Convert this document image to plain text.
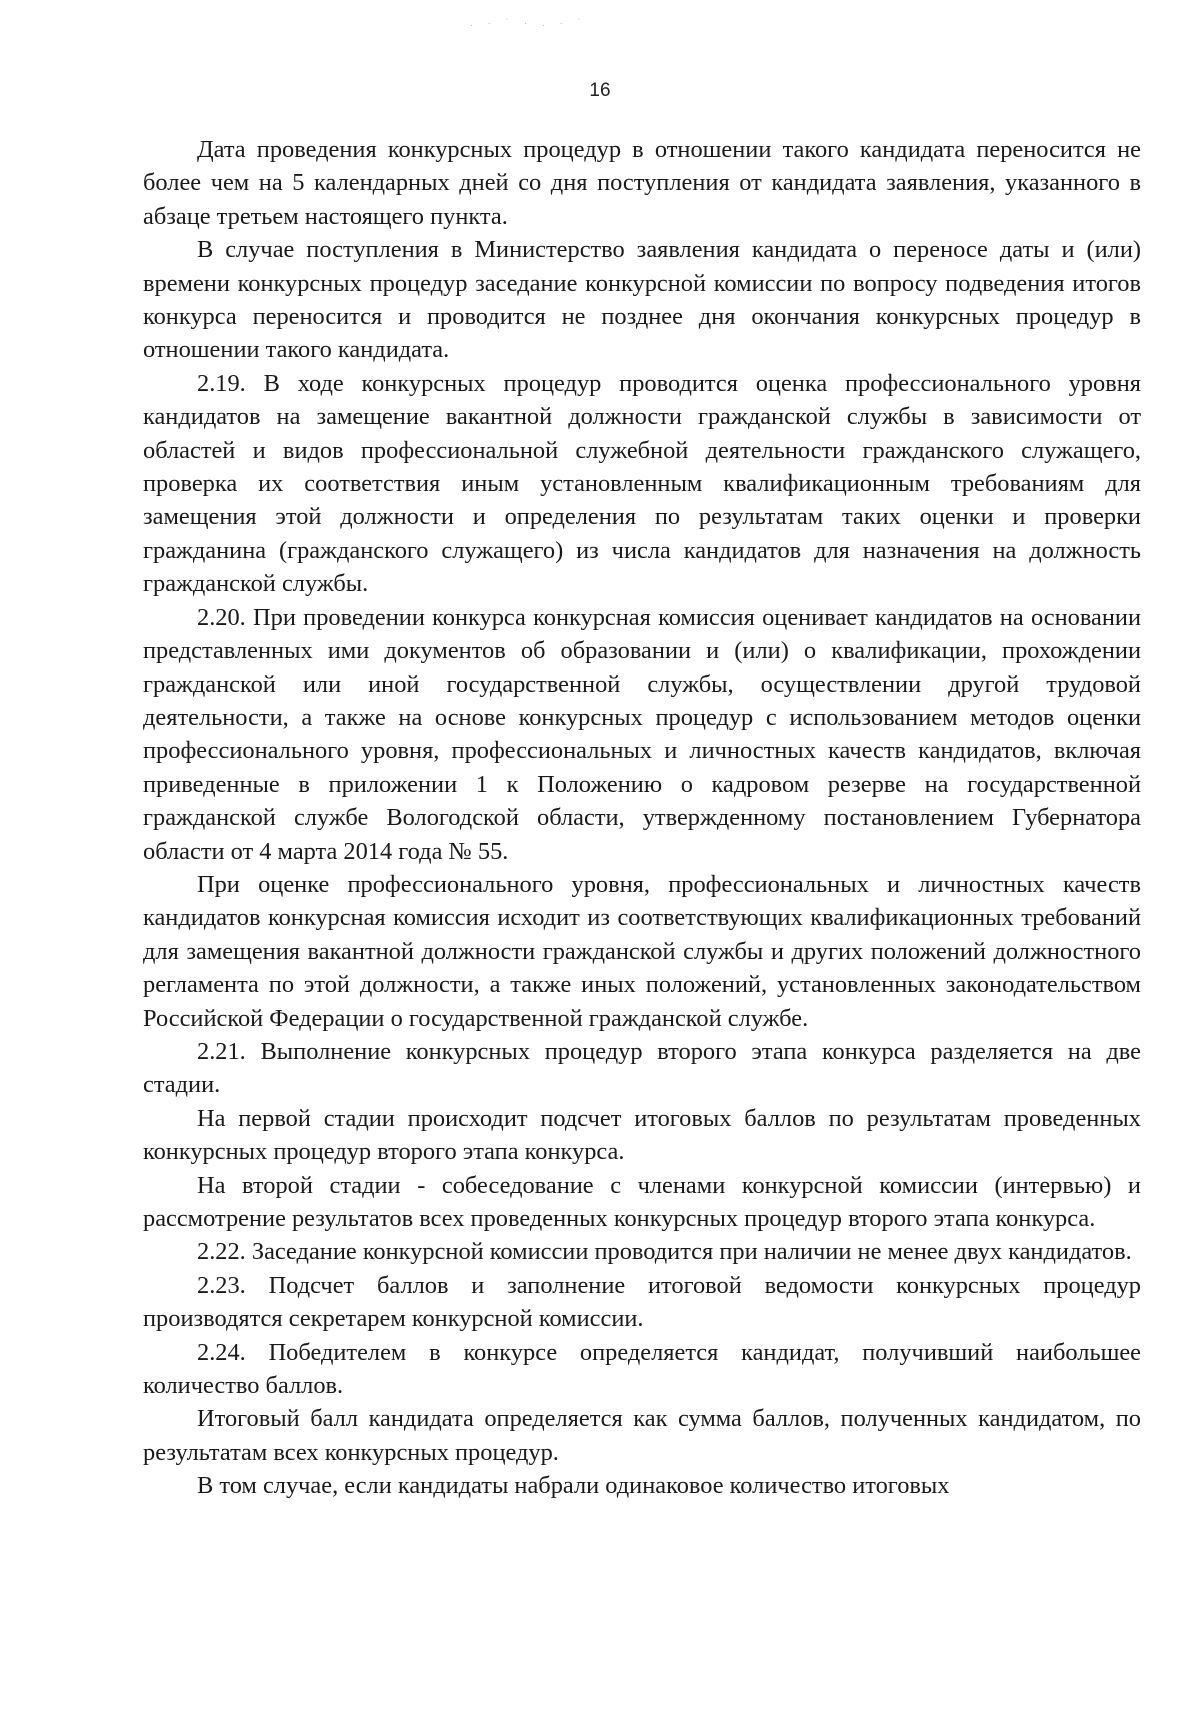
. · ˙ · . · ˙
16

Дата проведения конкурсных процедур в отношении такого кандидата переносится не более чем на 5 календарных дней со дня поступления от кандидата заявления, указанного в абзаце третьем настоящего пункта.

В случае поступления в Министерство заявления кандидата о переносе даты и (или) времени конкурсных процедур заседание конкурсной комиссии по вопросу подведения итогов конкурса переносится и проводится не позднее дня окончания конкурсных процедур в отношении такого кандидата.

2.19. В ходе конкурсных процедур проводится оценка профессионального уровня кандидатов на замещение вакантной должности гражданской службы в зависимости от областей и видов профессиональной служебной деятельности гражданского служащего, проверка их соответствия иным установленным квалификационным требованиям для замещения этой должности и определения по результатам таких оценки и проверки гражданина (гражданского служащего) из числа кандидатов для назначения на должность гражданской службы.

2.20. При проведении конкурса конкурсная комиссия оценивает кандидатов на основании представленных ими документов об образовании и (или) о квалификации, прохождении гражданской или иной государственной службы, осуществлении другой трудовой деятельности, а также на основе конкурсных процедур с использованием методов оценки профессионального уровня, профессиональных и личностных качеств кандидатов, включая приведенные в приложении 1 к Положению о кадровом резерве на государственной гражданской службе Вологодской области, утвержденному постановлением Губернатора области от 4 марта 2014 года № 55.

При оценке профессионального уровня, профессиональных и личностных качеств кандидатов конкурсная комиссия исходит из соответствующих квалификационных требований для замещения вакантной должности гражданской службы и других положений должностного регламента по этой должности, а также иных положений, установленных законодательством Российской Федерации о государственной гражданской службе.

2.21. Выполнение конкурсных процедур второго этапа конкурса разделяется на две стадии.

На первой стадии происходит подсчет итоговых баллов по результатам проведенных конкурсных процедур второго этапа конкурса.

На второй стадии - собеседование с членами конкурсной комиссии (интервью) и рассмотрение результатов всех проведенных конкурсных процедур второго этапа конкурса.

2.22. Заседание конкурсной комиссии проводится при наличии не менее двух кандидатов.

2.23. Подсчет баллов и заполнение итоговой ведомости конкурсных процедур производятся секретарем конкурсной комиссии.

2.24. Победителем в конкурсе определяется кандидат, получивший наибольшее количество баллов.

Итоговый балл кандидата определяется как сумма баллов, полученных кандидатом, по результатам всех конкурсных процедур.

В том случае, если кандидаты набрали одинаковое количество итоговых
